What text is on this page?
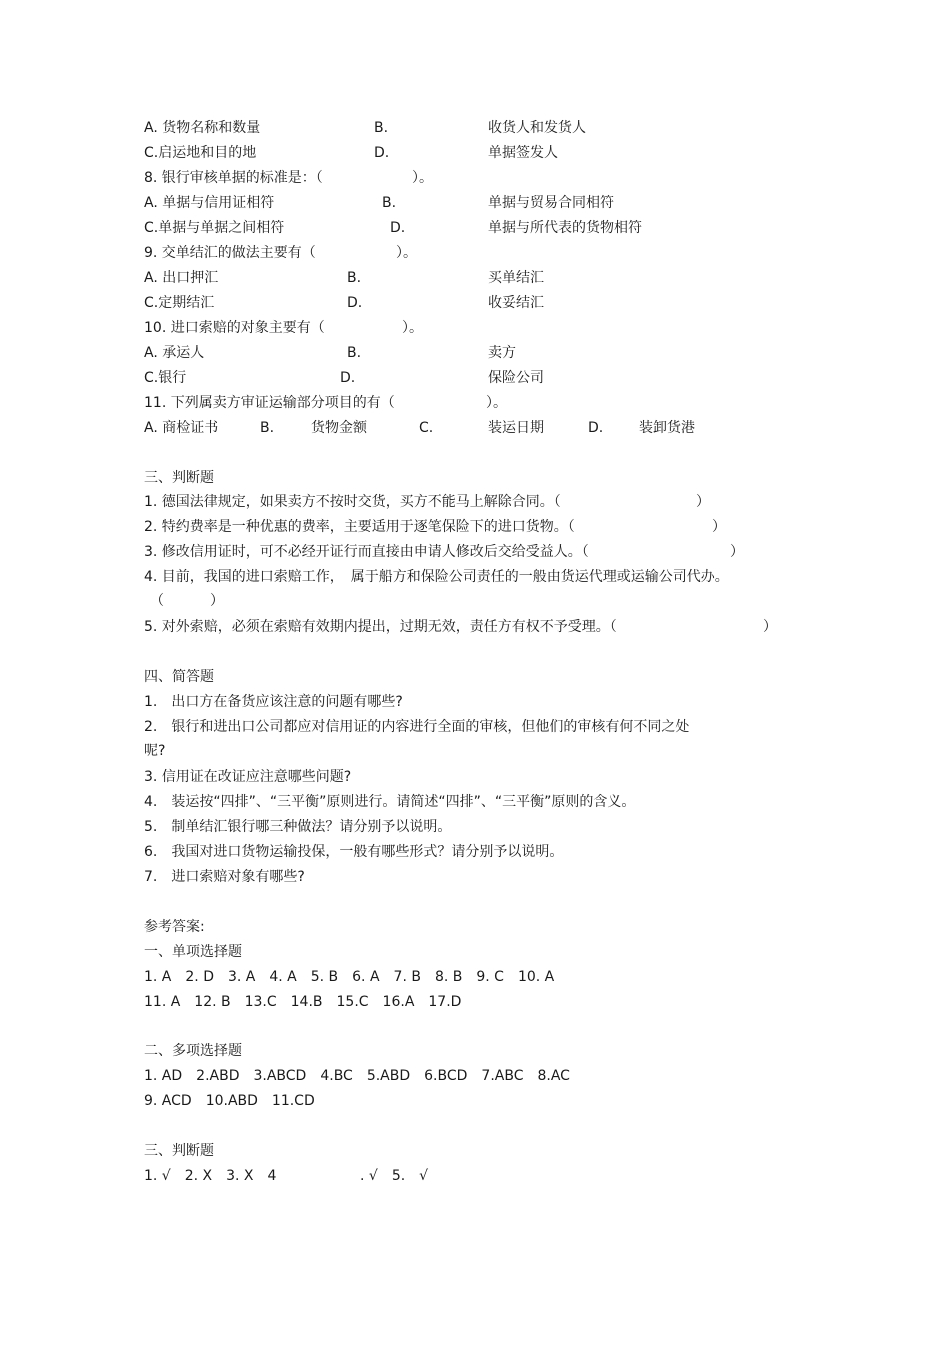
A. 货物名称和数量	B.	收货人和发货人
C.启运地和目的地	D.	单据签发人
8. 银行审核单据的标准是：（	）。
A. 单据与信用证相符	B.	单据与贸易合同相符
C.单据与单据之间相符	D.	单据与所代表的货物相符
9. 交单结汇的做法主要有（	）。
A. 出口押汇	B.	买单结汇
C.定期结汇	D.	收妥结汇
10. 进口索赔的对象主要有（	）。
A. 承运人	B.	卖方
C.银行	D.	保险公司
11. 下列属卖方审证运输部分项目的有（	）。
A. 商检证书	B.	货物金额	C.	装运日期	D.	装卸货港
三、判断题
1. 德国法律规定，如果卖方不按时交货，买方不能马上解除合同。（	）
2. 特约费率是一种优惠的费率，主要适用于逐笔保险下的进口货物。（	）
3. 修改信用证时，可不必经开证行而直接由申请人修改后交给受益人。（	）
4. 目前，我国的进口索赔工作，　属于船方和保险公司责任的一般由货运代理或运输公司代办。
（	）
5. 对外索赔，必须在索赔有效期内提出，过期无效，责任方有权不予受理。（	）
四、简答题
1.　出口方在备货应该注意的问题有哪些?
2.　银行和进出口公司都应对信用证的内容进行全面的审核，但他们的审核有何不同之处
呢?
3. 信用证在改证应注意哪些问题?
4.　装运按“四排”、“三平衡”原则进行。请简述“四排”、“三平衡”原则的含义。
5.　制单结汇银行哪三种做法？请分别予以说明。
6.　我国对进口货物运输投保，一般有哪些形式？请分别予以说明。
7.　进口索赔对象有哪些?
参考答案:
一、单项选择题
1. A　2. D　3. A　4. A　5. B　6. A　7. B　8. B　9. C　10. A
11. A　12. B　13.C　14.B　15.C　16.A　17.D
二、多项选择题
1. AD　2.ABD　3.ABCD　4.BC　5.ABD　6.BCD　7.ABC　8.AC
9. ACD　10.ABD　11.CD
三、判断题
1. √　2. X　3. X　4	. √　5.　√
